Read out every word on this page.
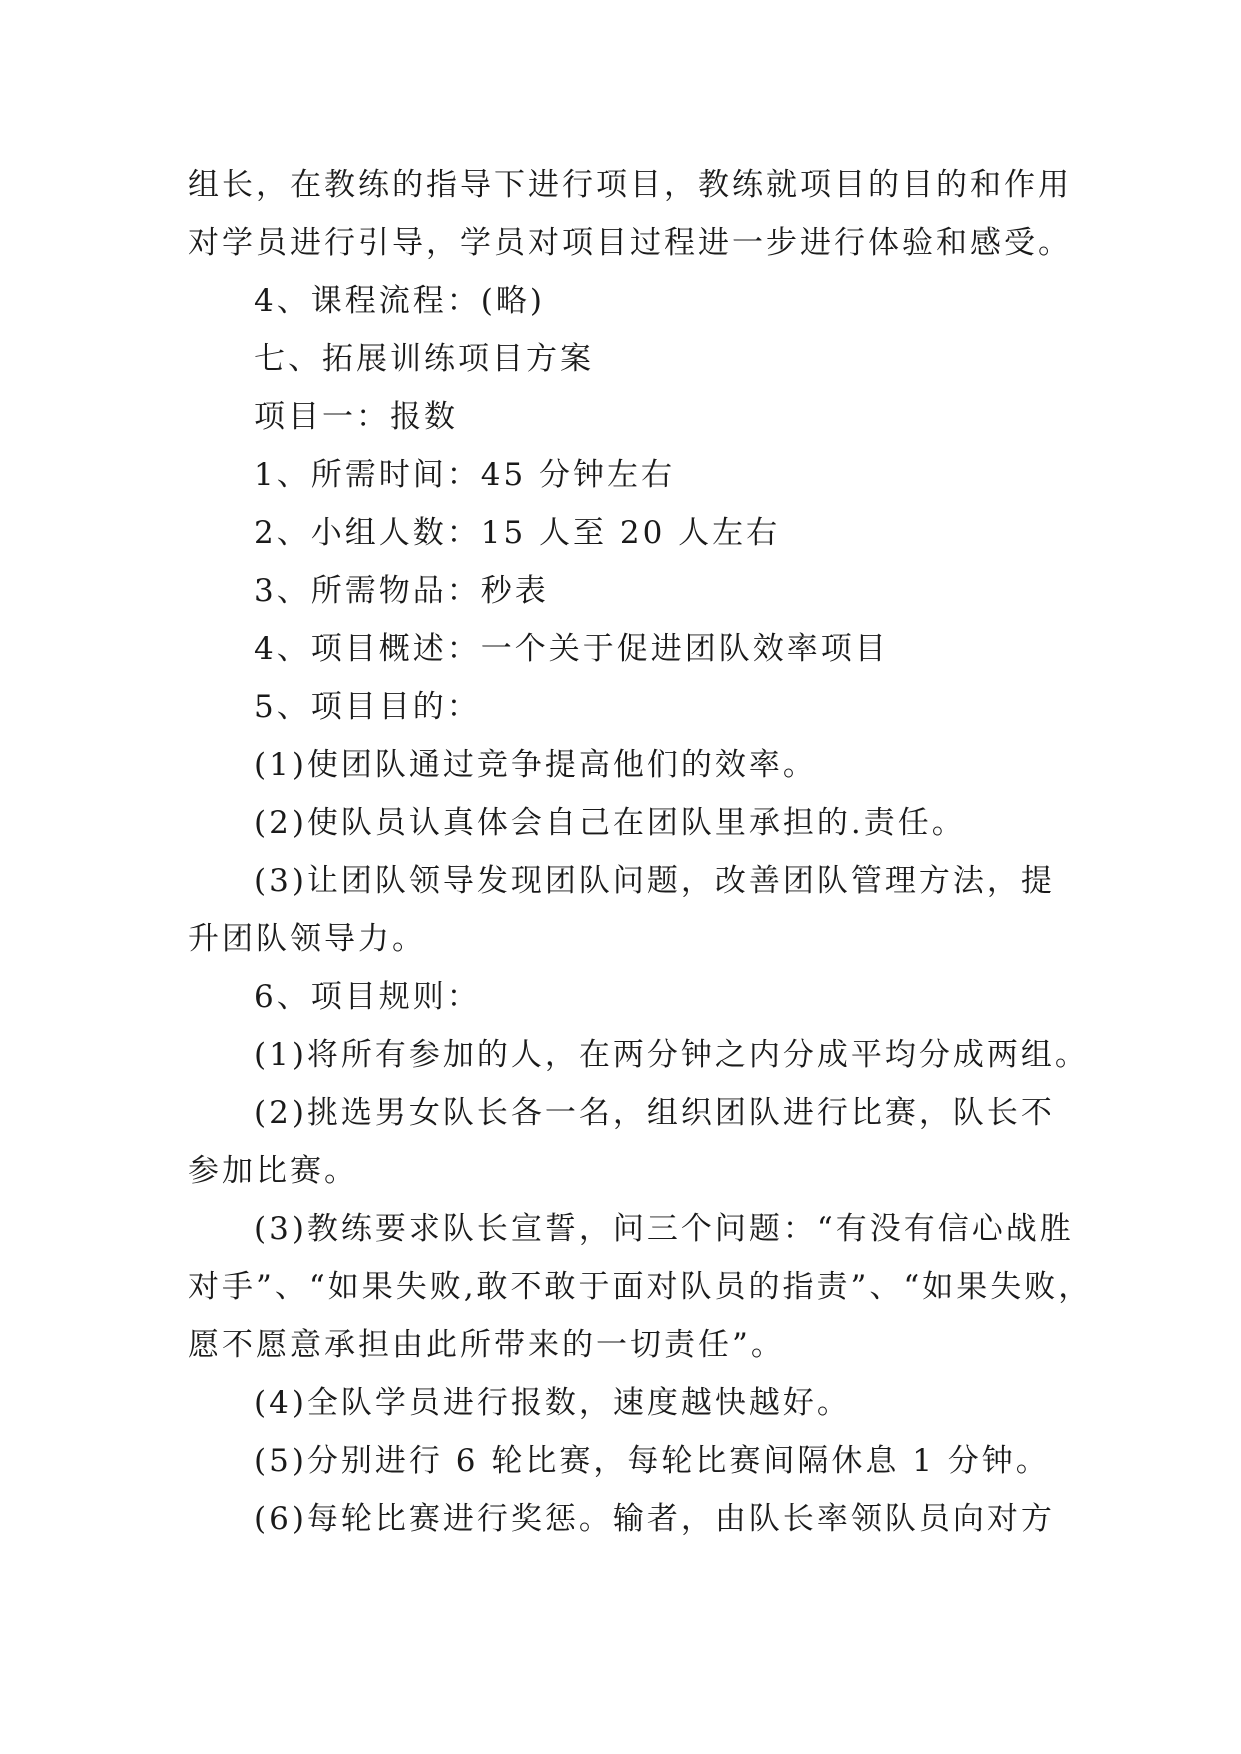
组长，在教练的指导下进行项目，教练就项目的目的和作用
对学员进行引导，学员对项目过程进一步进行体验和感受。
4、课程流程：(略)
七、拓展训练项目方案
项目一：报数
1、所需时间：45 分钟左右
2、小组人数：15 人至 20 人左右
3、所需物品：秒表
4、项目概述：一个关于促进团队效率项目
5、项目目的：
(1)使团队通过竞争提高他们的效率。
(2)使队员认真体会自己在团队里承担的.责任。
(3)让团队领导发现团队问题，改善团队管理方法，提
升团队领导力。
6、项目规则：
(1)将所有参加的人，在两分钟之内分成平均分成两组。
(2)挑选男女队长各一名，组织团队进行比赛，队长不
参加比赛。
(3)教练要求队长宣誓，问三个问题：“有没有信心战胜
对手”、“如果失败,敢不敢于面对队员的指责”、“如果失败，
愿不愿意承担由此所带来的一切责任”。
(4)全队学员进行报数，速度越快越好。
(5)分别进行 6 轮比赛，每轮比赛间隔休息 1 分钟。
(6)每轮比赛进行奖惩。输者，由队长率领队员向对方
